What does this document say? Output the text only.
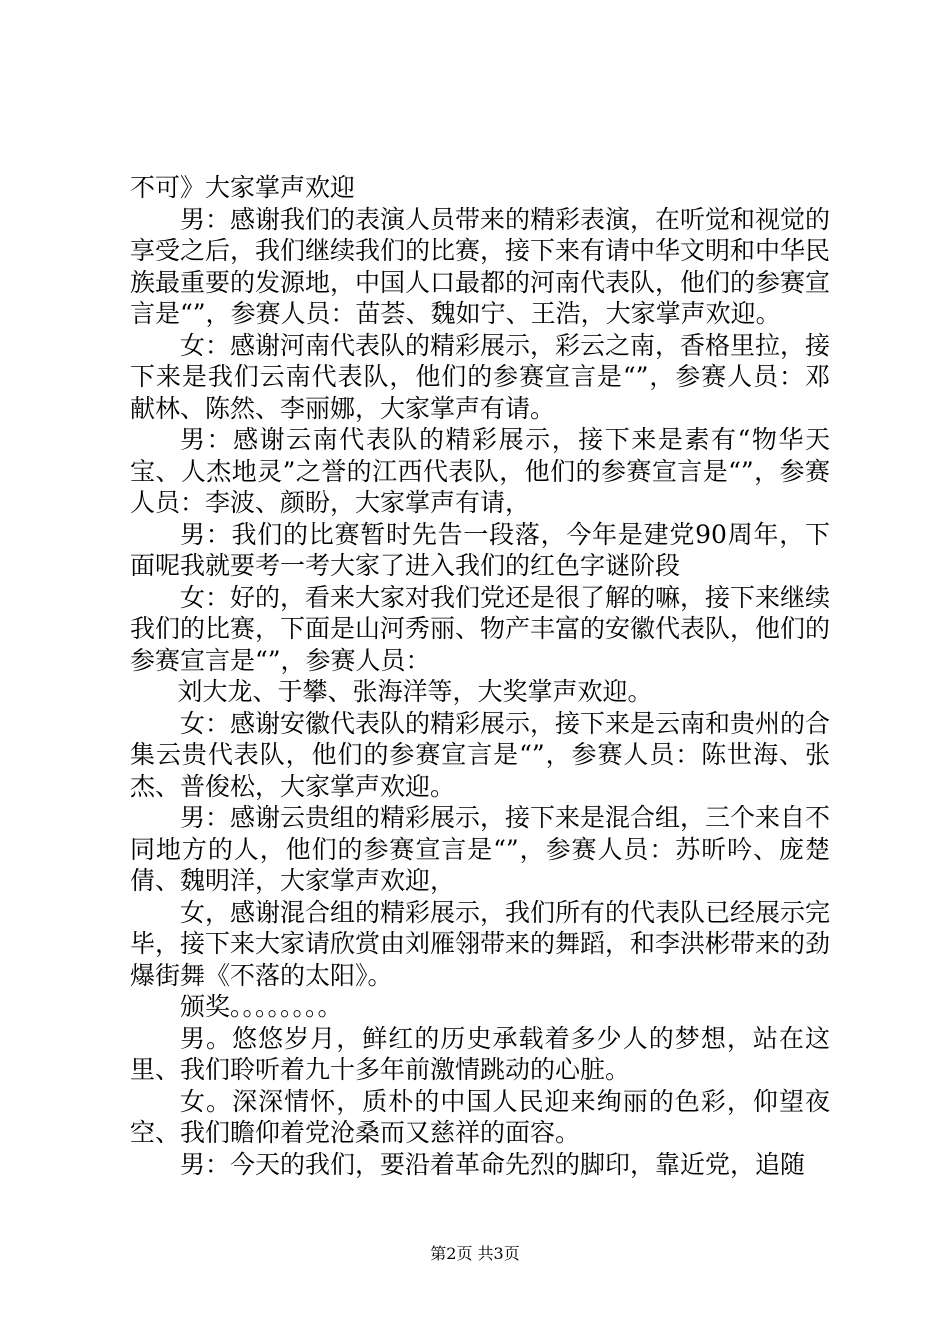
不可》大家掌声欢迎

男：感谢我们的表演人员带来的精彩表演，在听觉和视觉的享受之后，我们继续我们的比赛，接下来有请中华文明和中华民族最重要的发源地，中国人口最都的河南代表队，他们的参赛宣言是“”，参赛人员：苗荟、魏如宁、王浩，大家掌声欢迎。

女：感谢河南代表队的精彩展示，彩云之南，香格里拉，接下来是我们云南代表队，他们的参赛宣言是“”，参赛人员：邓献林、陈然、李丽娜，大家掌声有请。

男：感谢云南代表队的精彩展示，接下来是素有“物华天宝、人杰地灵”之誉的江西代表队，他们的参赛宣言是“”，参赛人员：李波、颜盼，大家掌声有请，

男：我们的比赛暂时先告一段落，今年是建党90周年，下面呢我就要考一考大家了进入我们的红色字谜阶段

女：好的，看来大家对我们党还是很了解的嘛，接下来继续我们的比赛，下面是山河秀丽、物产丰富的安徽代表队，他们的参赛宣言是“”，参赛人员：

刘大龙、于攀、张海洋等，大奖掌声欢迎。

女：感谢安徽代表队的精彩展示，接下来是云南和贵州的合集云贵代表队，他们的参赛宣言是“”，参赛人员：陈世海、张杰、普俊松，大家掌声欢迎。

男：感谢云贵组的精彩展示，接下来是混合组，三个来自不同地方的人，他们的参赛宣言是“”，参赛人员：苏昕吟、庞楚倩、魏明洋，大家掌声欢迎，

女，感谢混合组的精彩展示，我们所有的代表队已经展示完毕，接下来大家请欣赏由刘雁翎带来的舞蹈，和李洪彬带来的劲爆街舞《不落的太阳》。

颁奖。。。。。。。。

男。悠悠岁月，鲜红的历史承载着多少人的梦想，站在这里、我们聆听着九十多年前激情跳动的心脏。

女。深深情怀，质朴的中国人民迎来绚丽的色彩，仰望夜空、我们瞻仰着党沧桑而又慈祥的面容。

男：今天的我们，要沿着革命先烈的脚印，靠近党，追随

第2页 共3页
